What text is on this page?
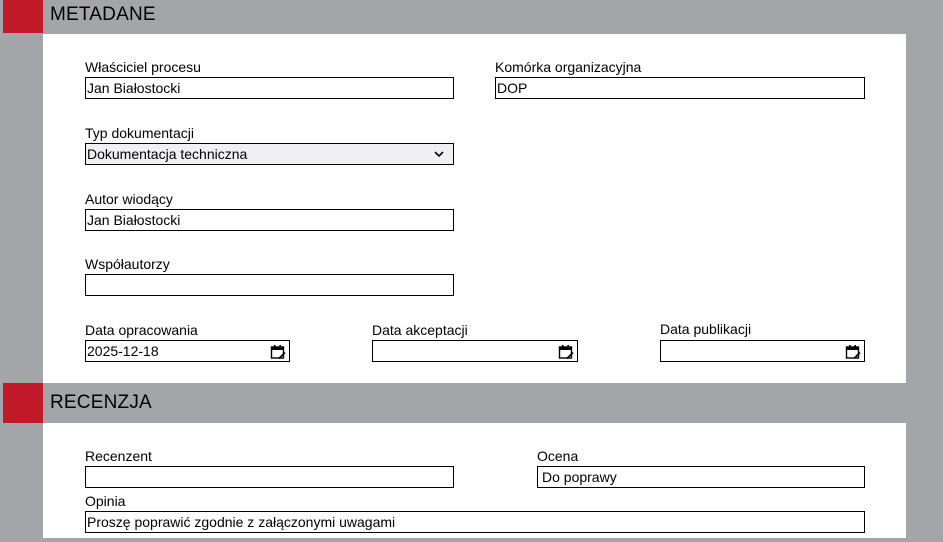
METADANE
Właściciel procesu
Jan Białostocki
Komórka organizacyjna
DOP
Typ dokumentacji
Dokumentacja techniczna
Autor wiodący
Jan Białostocki
Współautorzy
Data opracowania
2025-12-18
Data akceptacji	Data publikacji
RECENZJA
Recenzent	Ocena
Do poprawy
Opinia
Proszę poprawić zgodnie z załączonymi uwagami
